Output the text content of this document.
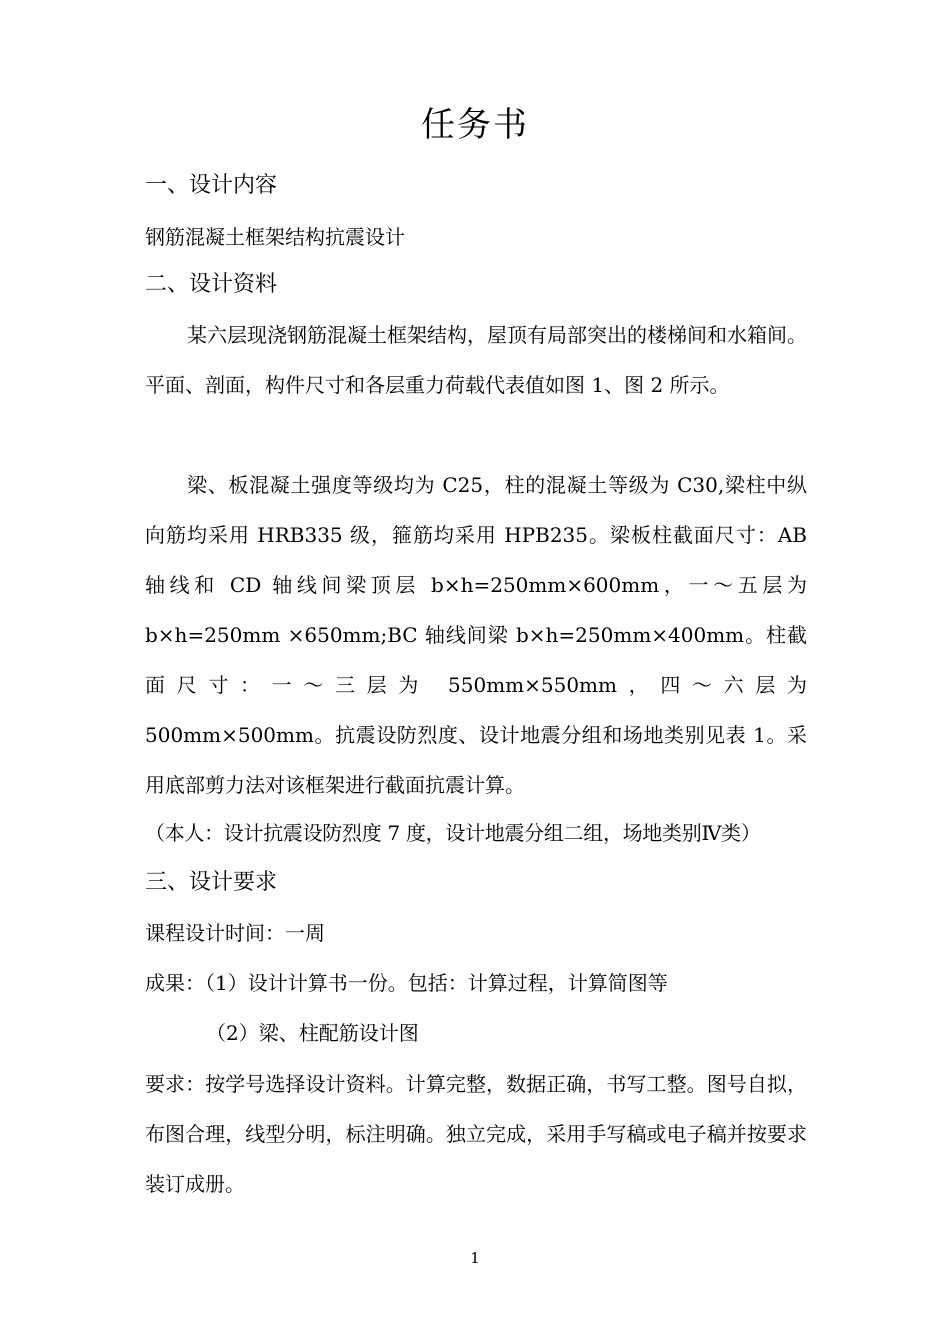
任务书
一、设计内容
钢筋混凝土框架结构抗震设计
二、设计资料
某六层现浇钢筋混凝土框架结构，屋顶有局部突出的楼梯间和水箱间。平面、剖面，构件尺寸和各层重力荷载代表值如图 1、图 2 所示。
梁、板混凝土强度等级均为 C25，柱的混凝土等级为 C30,梁柱中纵向筋均采用 HRB335 级，箍筋均采用 HPB235。梁板柱截面尺寸：AB 轴线和 CD 轴线间梁顶层 b×h=250mm×600mm，一～五层为 b×h=250mm ×650mm;BC 轴线间梁 b×h=250mm×400mm。柱截面尺寸：一～三层为 550mm×550mm，四～六层为 500mm×500mm。抗震设防烈度、设计地震分组和场地类别见表 1。采用底部剪力法对该框架进行截面抗震计算。
（本人：设计抗震设防烈度 7 度，设计地震分组二组，场地类别Ⅳ类）
三、设计要求
课程设计时间：一周
成果：（1）设计计算书一份。包括：计算过程，计算简图等
（2）梁、柱配筋设计图
要求：按学号选择设计资料。计算完整，数据正确，书写工整。图号自拟，布图合理，线型分明，标注明确。独立完成，采用手写稿或电子稿并按要求装订成册。
1
